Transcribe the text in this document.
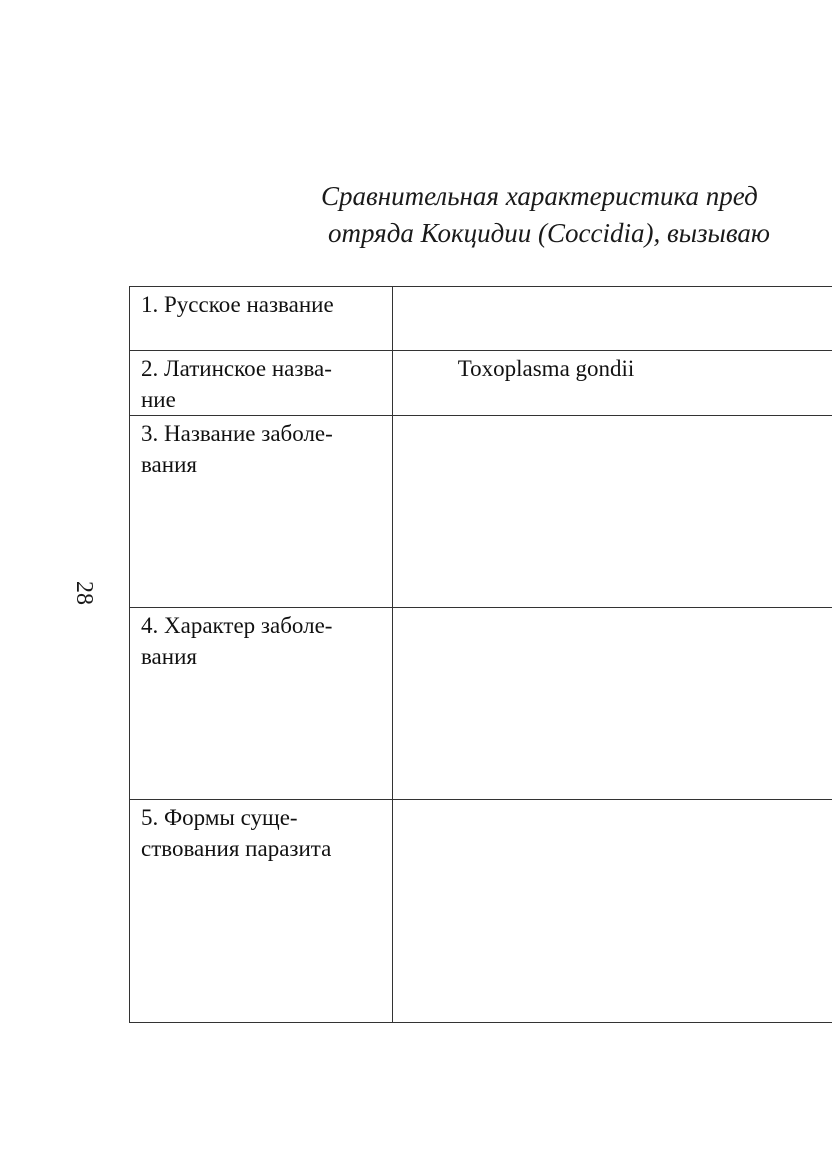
Сравнительная характеристика пред
отряда Кокцидии (Coccidia), вызываю
28
1. Русское название	

2. Латинское назва-
ние	Toxoplasma gondii

3. Название заболе-
вания	

4. Характер заболе-
вания	

5. Формы суще-
ствования паразита	
